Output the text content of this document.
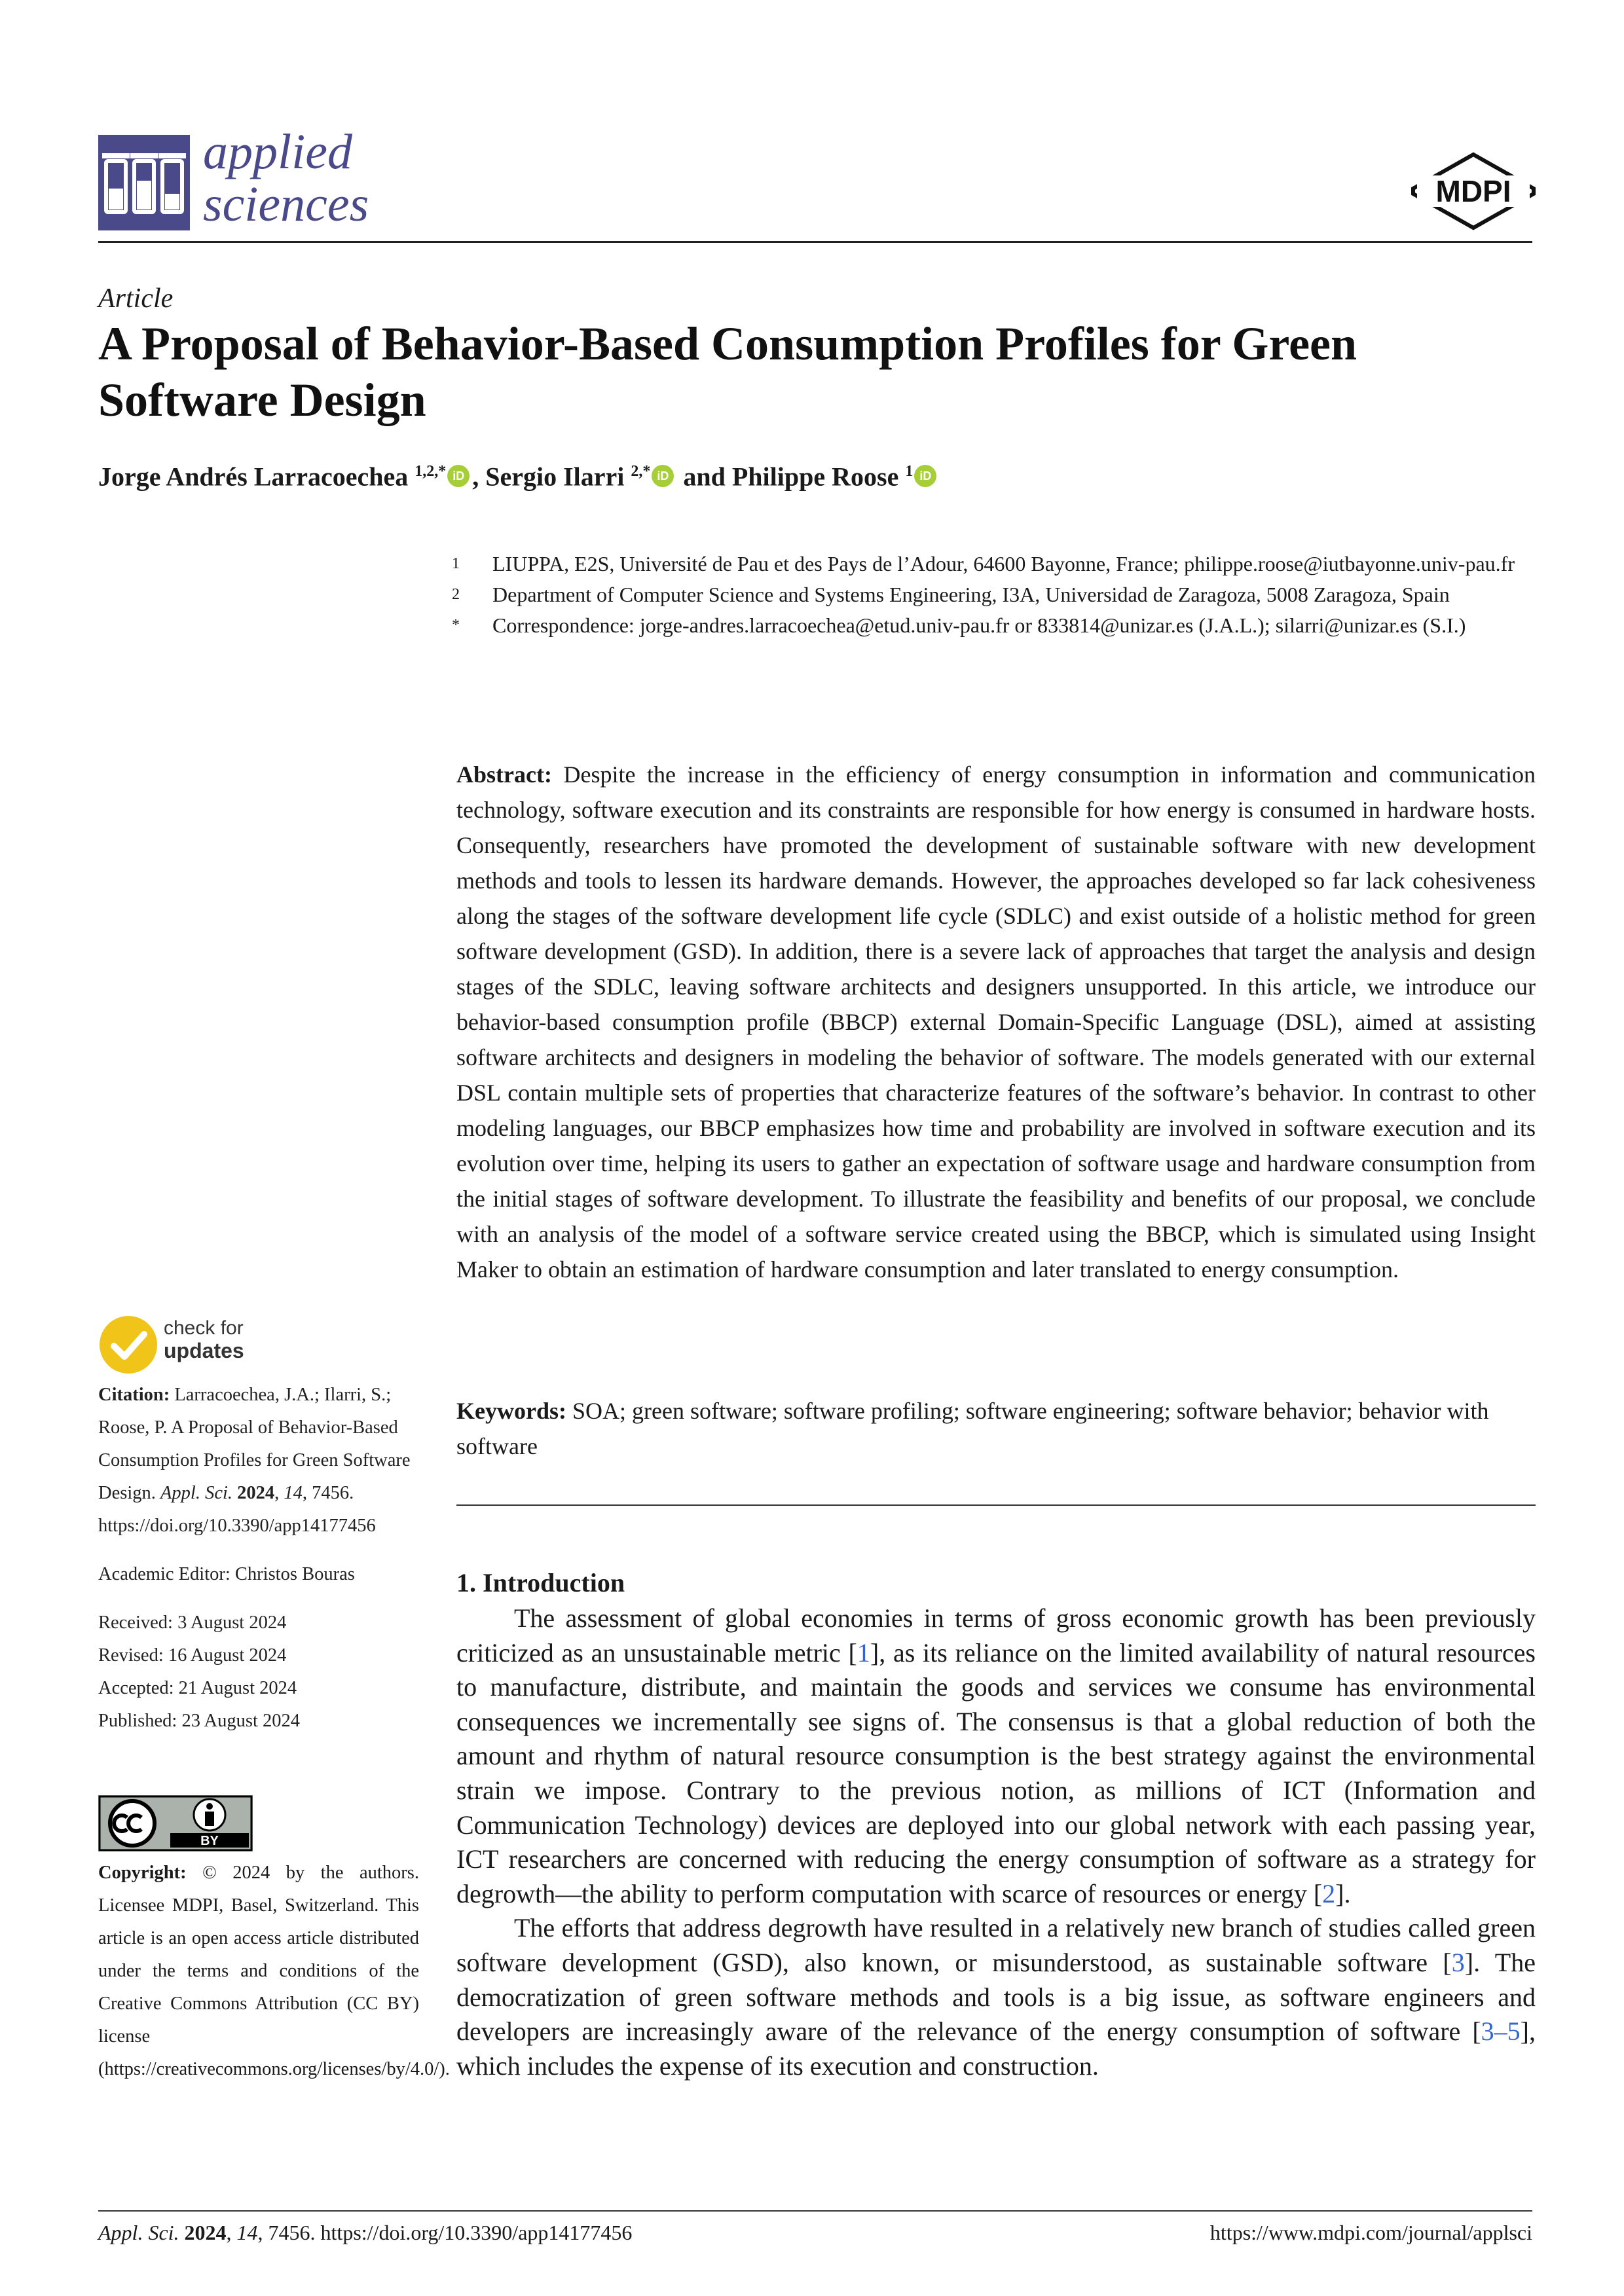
applied
sciences	MDPI
Article
A Proposal of Behavior-Based Consumption Profiles for Green Software Design
Jorge Andrés Larracoechea $^{1,2,*}$ iD , Sergio Ilarri $^{2,*}$ iD and Philippe Roose $^1$ iD
1 LIUPPA, E2S, Université de Pau et des Pays de l’Adour, 64600 Bayonne, France; philippe.roose@iutbayonne.univ-pau.fr
2 Department of Computer Science and Systems Engineering, I3A, Universidad de Zaragoza, 5008 Zaragoza, Spain
* Correspondence: jorge-andres.larracoechea@etud.univ-pau.fr or 833814@unizar.es (J.A.L.); silarri@unizar.es (S.I.)
Abstract: Despite the increase in the efficiency of energy consumption in information and communication technology, software execution and its constraints are responsible for how energy is consumed in hardware hosts. Consequently, researchers have promoted the development of sustainable software with new development methods and tools to lessen its hardware demands. However, the approaches developed so far lack cohesiveness along the stages of the software development life cycle (SDLC) and exist outside of a holistic method for green software development (GSD). In addition, there is a severe lack of approaches that target the analysis and design stages of the SDLC, leaving software architects and designers unsupported. In this article, we introduce our behavior-based consumption profile (BBCP) external Domain-Specific Language (DSL), aimed at assisting software architects and designers in modeling the behavior of software. The models generated with our external DSL contain multiple sets of properties that characterize features of the software’s behavior. In contrast to other modeling languages, our BBCP emphasizes how time and probability are involved in software execution and its evolution over time, helping its users to gather an expectation of software usage and hardware consumption from the initial stages of software development. To illustrate the feasibility and benefits of our proposal, we conclude with an analysis of the model of a software service created using the BBCP, which is simulated using Insight Maker to obtain an estimation of hardware consumption and later translated to energy consumption.
Keywords: SOA; green software; software profiling; software engineering; software behavior; behavior with software
1. Introduction

The assessment of global economies in terms of gross economic growth has been previously criticized as an unsustainable metric [1], as its reliance on the limited availability of natural resources to manufacture, distribute, and maintain the goods and services we consume has environmental consequences we incrementally see signs of. The consensus is that a global reduction of both the amount and rhythm of natural resource consumption is the best strategy against the environmental strain we impose. Contrary to the previous notion, as millions of ICT (Information and Communication Technology) devices are deployed into our global network with each passing year, ICT researchers are concerned with reducing the energy consumption of software as a strategy for degrowth—the ability to perform computation with scarce of resources or energy [2].

The efforts that address degrowth have resulted in a relatively new branch of studies called green software development (GSD), also known, or misunderstood, as sustainable software [3]. The democratization of green software methods and tools is a big issue, as software engineers and developers are increasingly aware of the relevance of the energy consumption of software [3–5], which includes the expense of its execution and construction.

check for
updates
Citation: Larracoechea, J.A.; Ilarri, S.; Roose, P. A Proposal of Behavior-Based Consumption Profiles for Green Software Design. Appl. Sci. 2024, 14, 7456. https://doi.org/10.3390/app14177456
Academic Editor: Christos Bouras
Received: 3 August 2024
Revised: 16 August 2024
Accepted: 21 August 2024
Published: 23 August 2024
BY
Copyright: © 2024 by the authors. Licensee MDPI, Basel, Switzerland. This article is an open access article distributed under the terms and conditions of the Creative Commons Attribution (CC BY) license (https://creativecommons.org/licenses/by/4.0/).
Appl. Sci. 2024, 14, 7456. https://doi.org/10.3390/app14177456	https://www.mdpi.com/journal/applsci
